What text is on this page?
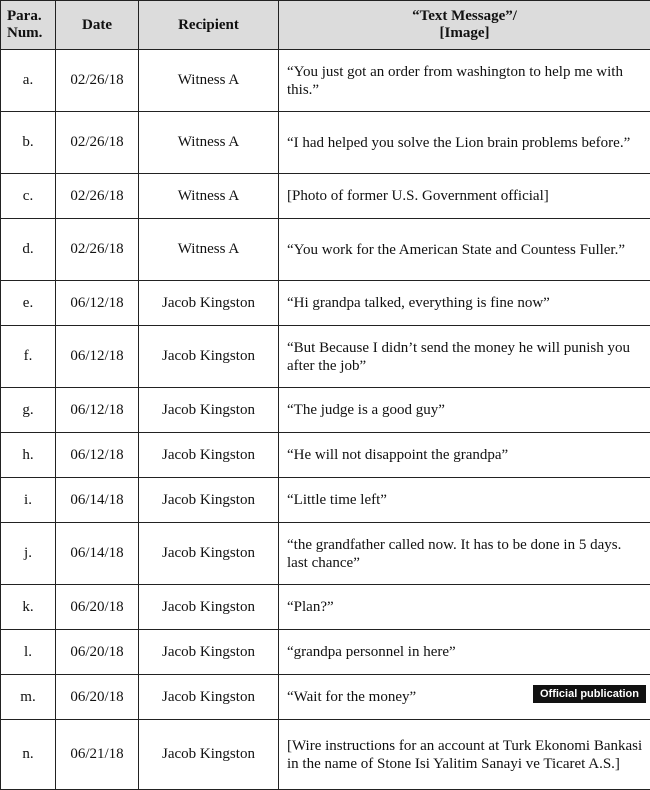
Para.
Num.	Date	Recipient	“Text Message”/
[Image]
a.	02/26/18	Witness A	“You just got an order from washington to help me with this.”
b.	02/26/18	Witness A	“I had helped you solve the Lion brain problems before.”
c.	02/26/18	Witness A	[Photo of former U.S. Government official]
d.	02/26/18	Witness A	“You work for the American State and Countess Fuller.”
e.	06/12/18	Jacob Kingston	“Hi grandpa talked, everything is fine now”
f.	06/12/18	Jacob Kingston	“But Because I didn’t send the money he will punish you after the job”
g.	06/12/18	Jacob Kingston	“The judge is a good guy”
h.	06/12/18	Jacob Kingston	“He will not disappoint the grandpa”
i.	06/14/18	Jacob Kingston	“Little time left”
j.	06/14/18	Jacob Kingston	“the grandfather called now. It has to be done in 5 days. last chance”
k.	06/20/18	Jacob Kingston	“Plan?”
l.	06/20/18	Jacob Kingston	“grandpa personnel in here”
m.	06/20/18	Jacob Kingston	“Wait for the money”
n.	06/21/18	Jacob Kingston	[Wire instructions for an account at Turk Ekonomi Bankasi in the name of Stone Isi Yalitim Sanayi ve Ticaret A.S.]
Official publication
